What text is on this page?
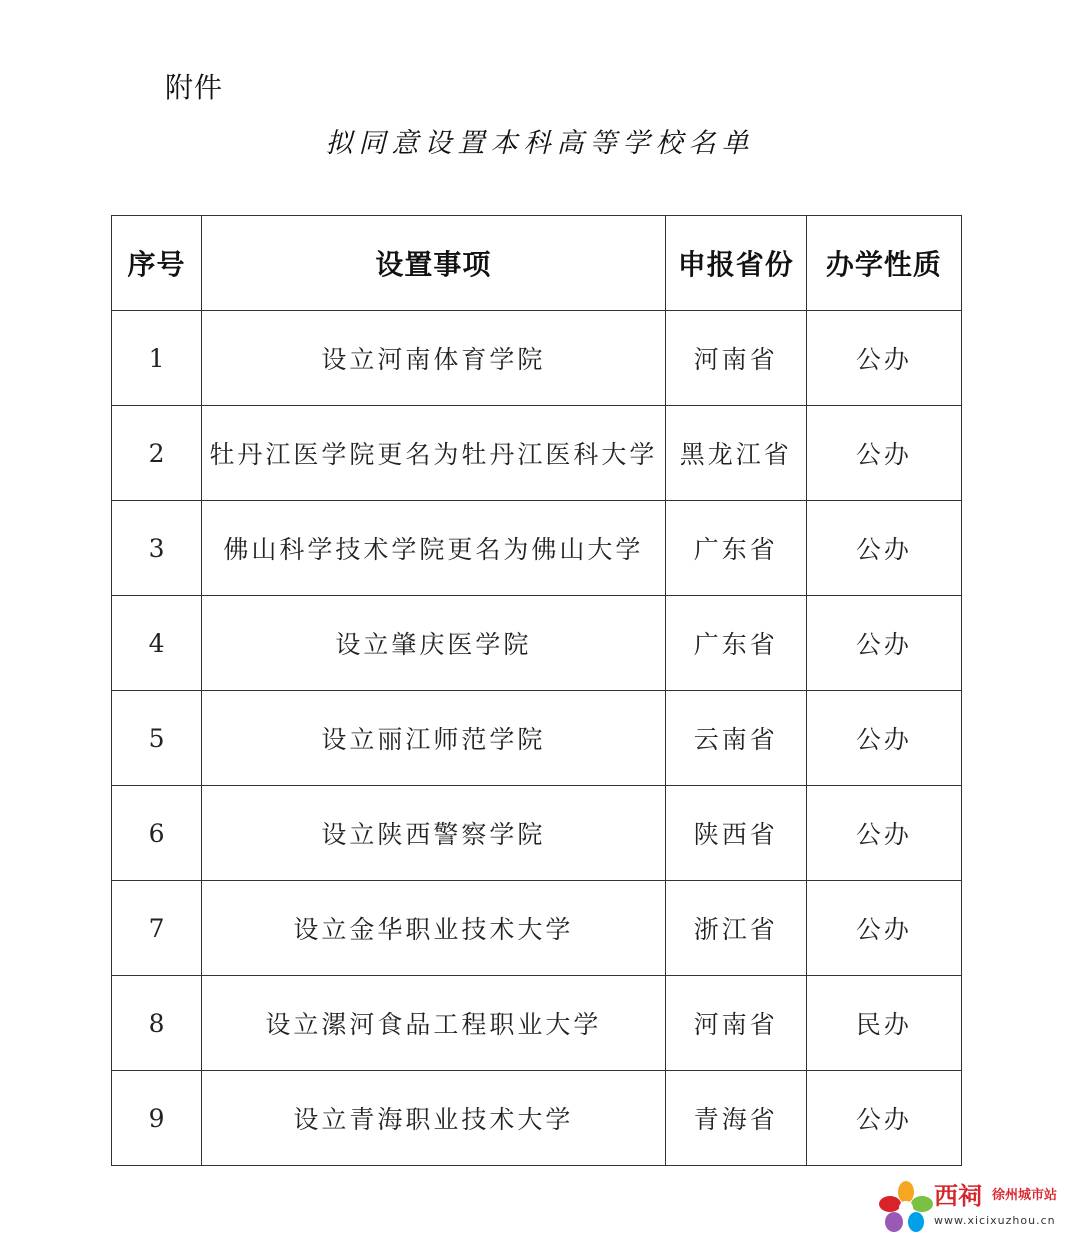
附件
拟同意设置本科高等学校名单
序号	设置事项	申报省份	办学性质
1	设立河南体育学院	河南省	公办
2	牡丹江医学院更名为牡丹江医科大学	黑龙江省	公办
3	佛山科学技术学院更名为佛山大学	广东省	公办
4	设立肇庆医学院	广东省	公办
5	设立丽江师范学院	云南省	公办
6	设立陕西警察学院	陕西省	公办
7	设立金华职业技术大学	浙江省	公办
8	设立漯河食品工程职业大学	河南省	民办
9	设立青海职业技术大学	青海省	公办
西祠 徐州城市站
www.xicixuzhou.cn
